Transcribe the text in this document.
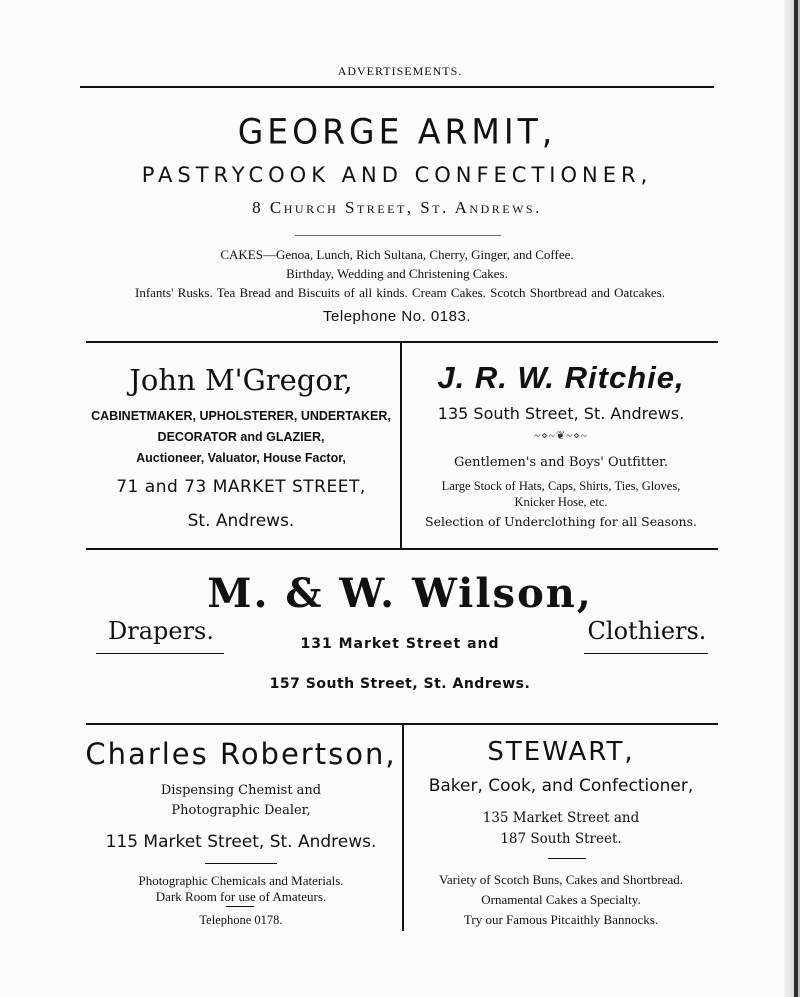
ADVERTISEMENTS.
GEORGE ARMIT,
PASTRYCOOK AND CONFECTIONER,
8 Church Street, St. Andrews.
CAKES—Genoa, Lunch, Rich Sultana, Cherry, Ginger, and Coffee.
Birthday, Wedding and Christening Cakes.
Infants' Rusks. Tea Bread and Biscuits of all kinds. Cream Cakes. Scotch Shortbread and Oatcakes.
Telephone No. 0183.
John M'Gregor,
CABINETMAKER, UPHOLSTERER, UNDERTAKER,
DECORATOR and GLAZIER,
Auctioneer, Valuator, House Factor,
71 and 73 MARKET STREET,
St. Andrews.
J. R. W. Ritchie,
135 South Street, St. Andrews.
~⋄~❦~⋄~
Gentlemen's and Boys' Outfitter.
Large Stock of Hats, Caps, Shirts, Ties, Gloves,
Knicker Hose, etc.
Selection of Underclothing for all Seasons.
M. & W. Wilson,
Drapers.	Clothiers.
131 Market Street and
157 South Street, St. Andrews.
Charles Robertson,
Dispensing Chemist and
Photographic Dealer,
115 Market Street, St. Andrews.
Photographic Chemicals and Materials.
Dark Room for use of Amateurs.
Telephone 0178.
STEWART,
Baker, Cook, and Confectioner,
135 Market Street and
187 South Street.
Variety of Scotch Buns, Cakes and Shortbread.
Ornamental Cakes a Specialty.
Try our Famous Pitcaithly Bannocks.
